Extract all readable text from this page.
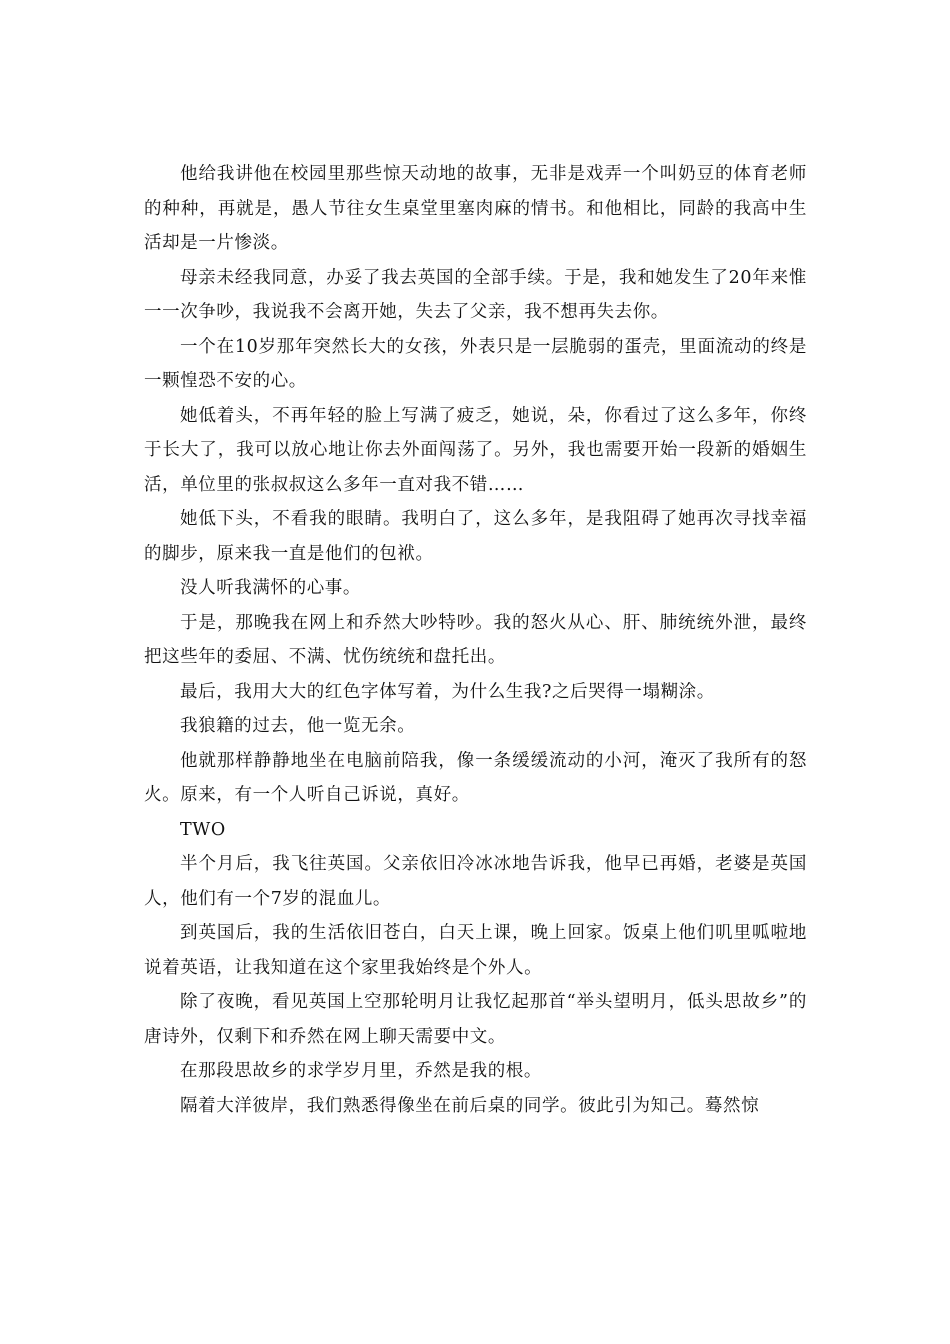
他给我讲他在校园里那些惊天动地的故事，无非是戏弄一个叫奶豆的体育老师的种种，再就是，愚人节往女生桌堂里塞肉麻的情书。和他相比，同龄的我高中生活却是一片惨淡。

母亲未经我同意，办妥了我去英国的全部手续。于是，我和她发生了20年来惟一一次争吵，我说我不会离开她，失去了父亲，我不想再失去你。

一个在10岁那年突然长大的女孩，外表只是一层脆弱的蛋壳，里面流动的终是一颗惶恐不安的心。

她低着头，不再年轻的脸上写满了疲乏，她说，朵，你看过了这么多年，你终于长大了，我可以放心地让你去外面闯荡了。另外，我也需要开始一段新的婚姻生活，单位里的张叔叔这么多年一直对我不错……

她低下头，不看我的眼睛。我明白了，这么多年，是我阻碍了她再次寻找幸福的脚步，原来我一直是他们的包袱。

没人听我满怀的心事。

于是，那晚我在网上和乔然大吵特吵。我的怒火从心、肝、肺统统外泄，最终把这些年的委屈、不满、忧伤统统和盘托出。

最后，我用大大的红色字体写着，为什么生我?之后哭得一塌糊涂。

我狼籍的过去，他一览无余。

他就那样静静地坐在电脑前陪我，像一条缓缓流动的小河，淹灭了我所有的怒火。原来，有一个人听自己诉说，真好。

TWO

半个月后，我飞往英国。父亲依旧冷冰冰地告诉我，他早已再婚，老婆是英国人，他们有一个7岁的混血儿。

到英国后，我的生活依旧苍白，白天上课，晚上回家。饭桌上他们叽里呱啦地说着英语，让我知道在这个家里我始终是个外人。

除了夜晚，看见英国上空那轮明月让我忆起那首“举头望明月，低头思故乡”的唐诗外，仅剩下和乔然在网上聊天需要中文。

在那段思故乡的求学岁月里，乔然是我的根。

隔着大洋彼岸，我们熟悉得像坐在前后桌的同学。彼此引为知己。蓦然惊
